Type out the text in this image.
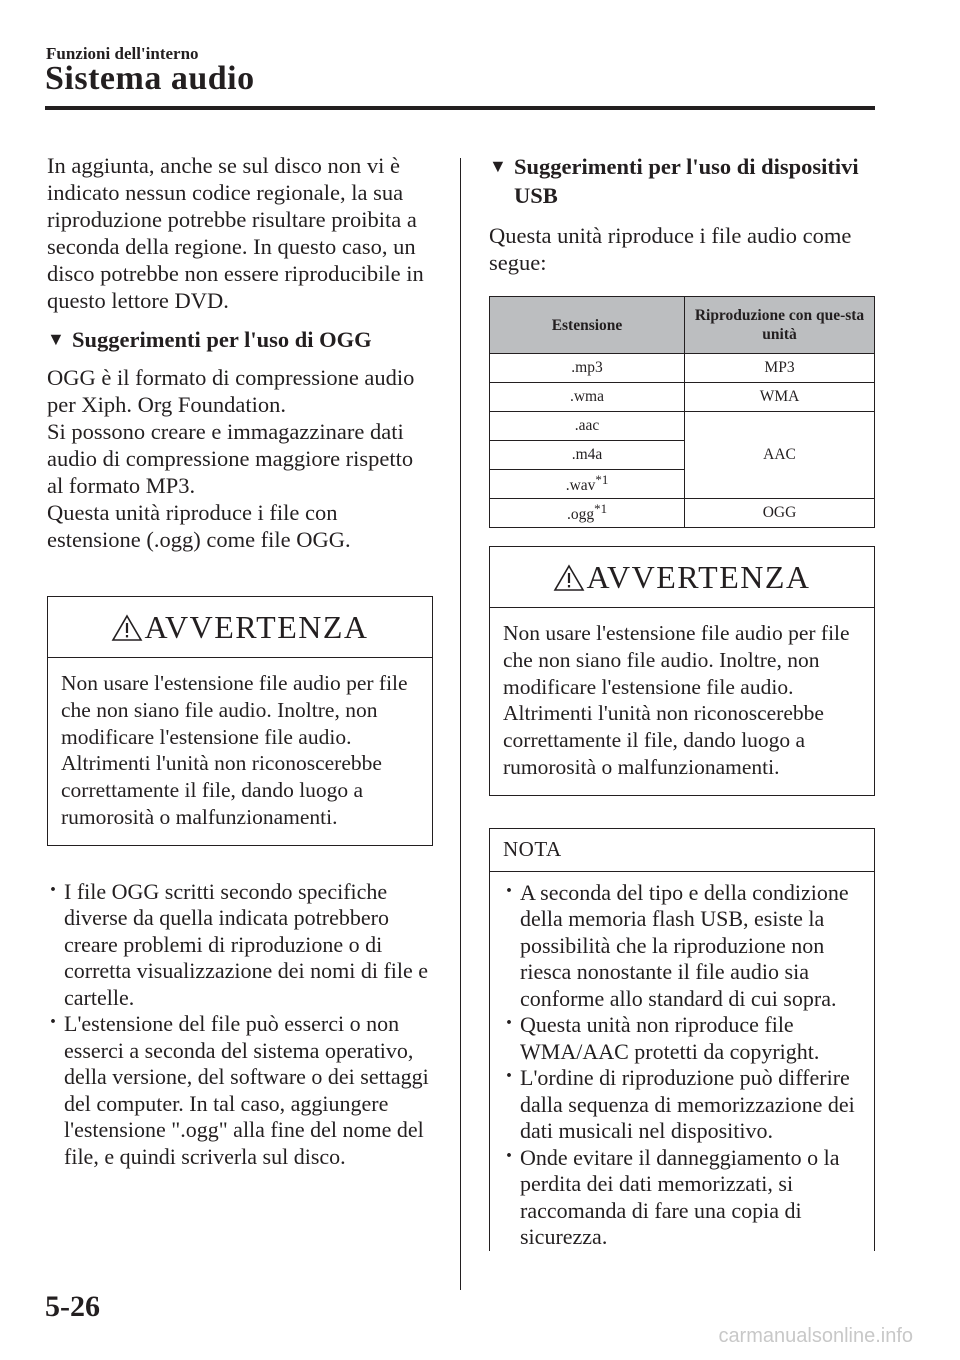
Funzioni dell'interno
Sistema audio

In aggiunta, anche se sul disco non vi è indicato nessun codice regionale, la sua riproduzione potrebbe risultare proibita a seconda della regione. In questo caso, un disco potrebbe non essere riproducibile in questo lettore DVD.

▼ Suggerimenti per l'uso di OGG

OGG è il formato di compressione audio per Xiph. Org Foundation.

Si possono creare e immagazzinare dati audio di compressione maggiore rispetto al formato MP3.

Questa unità riproduce i file con estensione (.ogg) come file OGG.

AVVERTENZA
Non usare l'estensione file audio per file che non siano file audio. Inoltre, non modificare l'estensione file audio. Altrimenti l'unità non riconoscerebbe correttamente il file, dando luogo a rumorosità o malfunzionamenti.
· I file OGG scritti secondo specifiche diverse da quella indicata potrebbero creare problemi di riproduzione o di corretta visualizzazione dei nomi di file e cartelle.
· L'estensione del file può esserci o non esserci a seconda del sistema operativo, della versione, del software o dei settaggi del computer. In tal caso, aggiungere l'estensione ".ogg" alla fine del nome del file, e quindi scriverla sul disco.
▼ Suggerimenti per l'uso di dispositivi USB

Questa unità riproduce i file audio come segue:

Estensione	Riproduzione con que-sta unità
.mp3	MP3
.wma	WMA
.aac	AAC
.m4a	
.wav$^{*1}$
.ogg$^{*1}$	OGG
AVVERTENZA
Non usare l'estensione file audio per file che non siano file audio. Inoltre, non modificare l'estensione file audio. Altrimenti l'unità non riconoscerebbe correttamente il file, dando luogo a rumorosità o malfunzionamenti.
NOTA
· A seconda del tipo e della condizione della memoria flash USB, esiste la possibilità che la riproduzione non riesca nonostante il file audio sia conforme allo standard di cui sopra.
· Questa unità non riproduce file WMA/AAC protetti da copyright.
· L'ordine di riproduzione può differire dalla sequenza di memorizzazione dei dati musicali nel dispositivo.
· Onde evitare il danneggiamento o la perdita dei dati memorizzati, si raccomanda di fare una copia di sicurezza.
5-26
carmanualsonline.info
